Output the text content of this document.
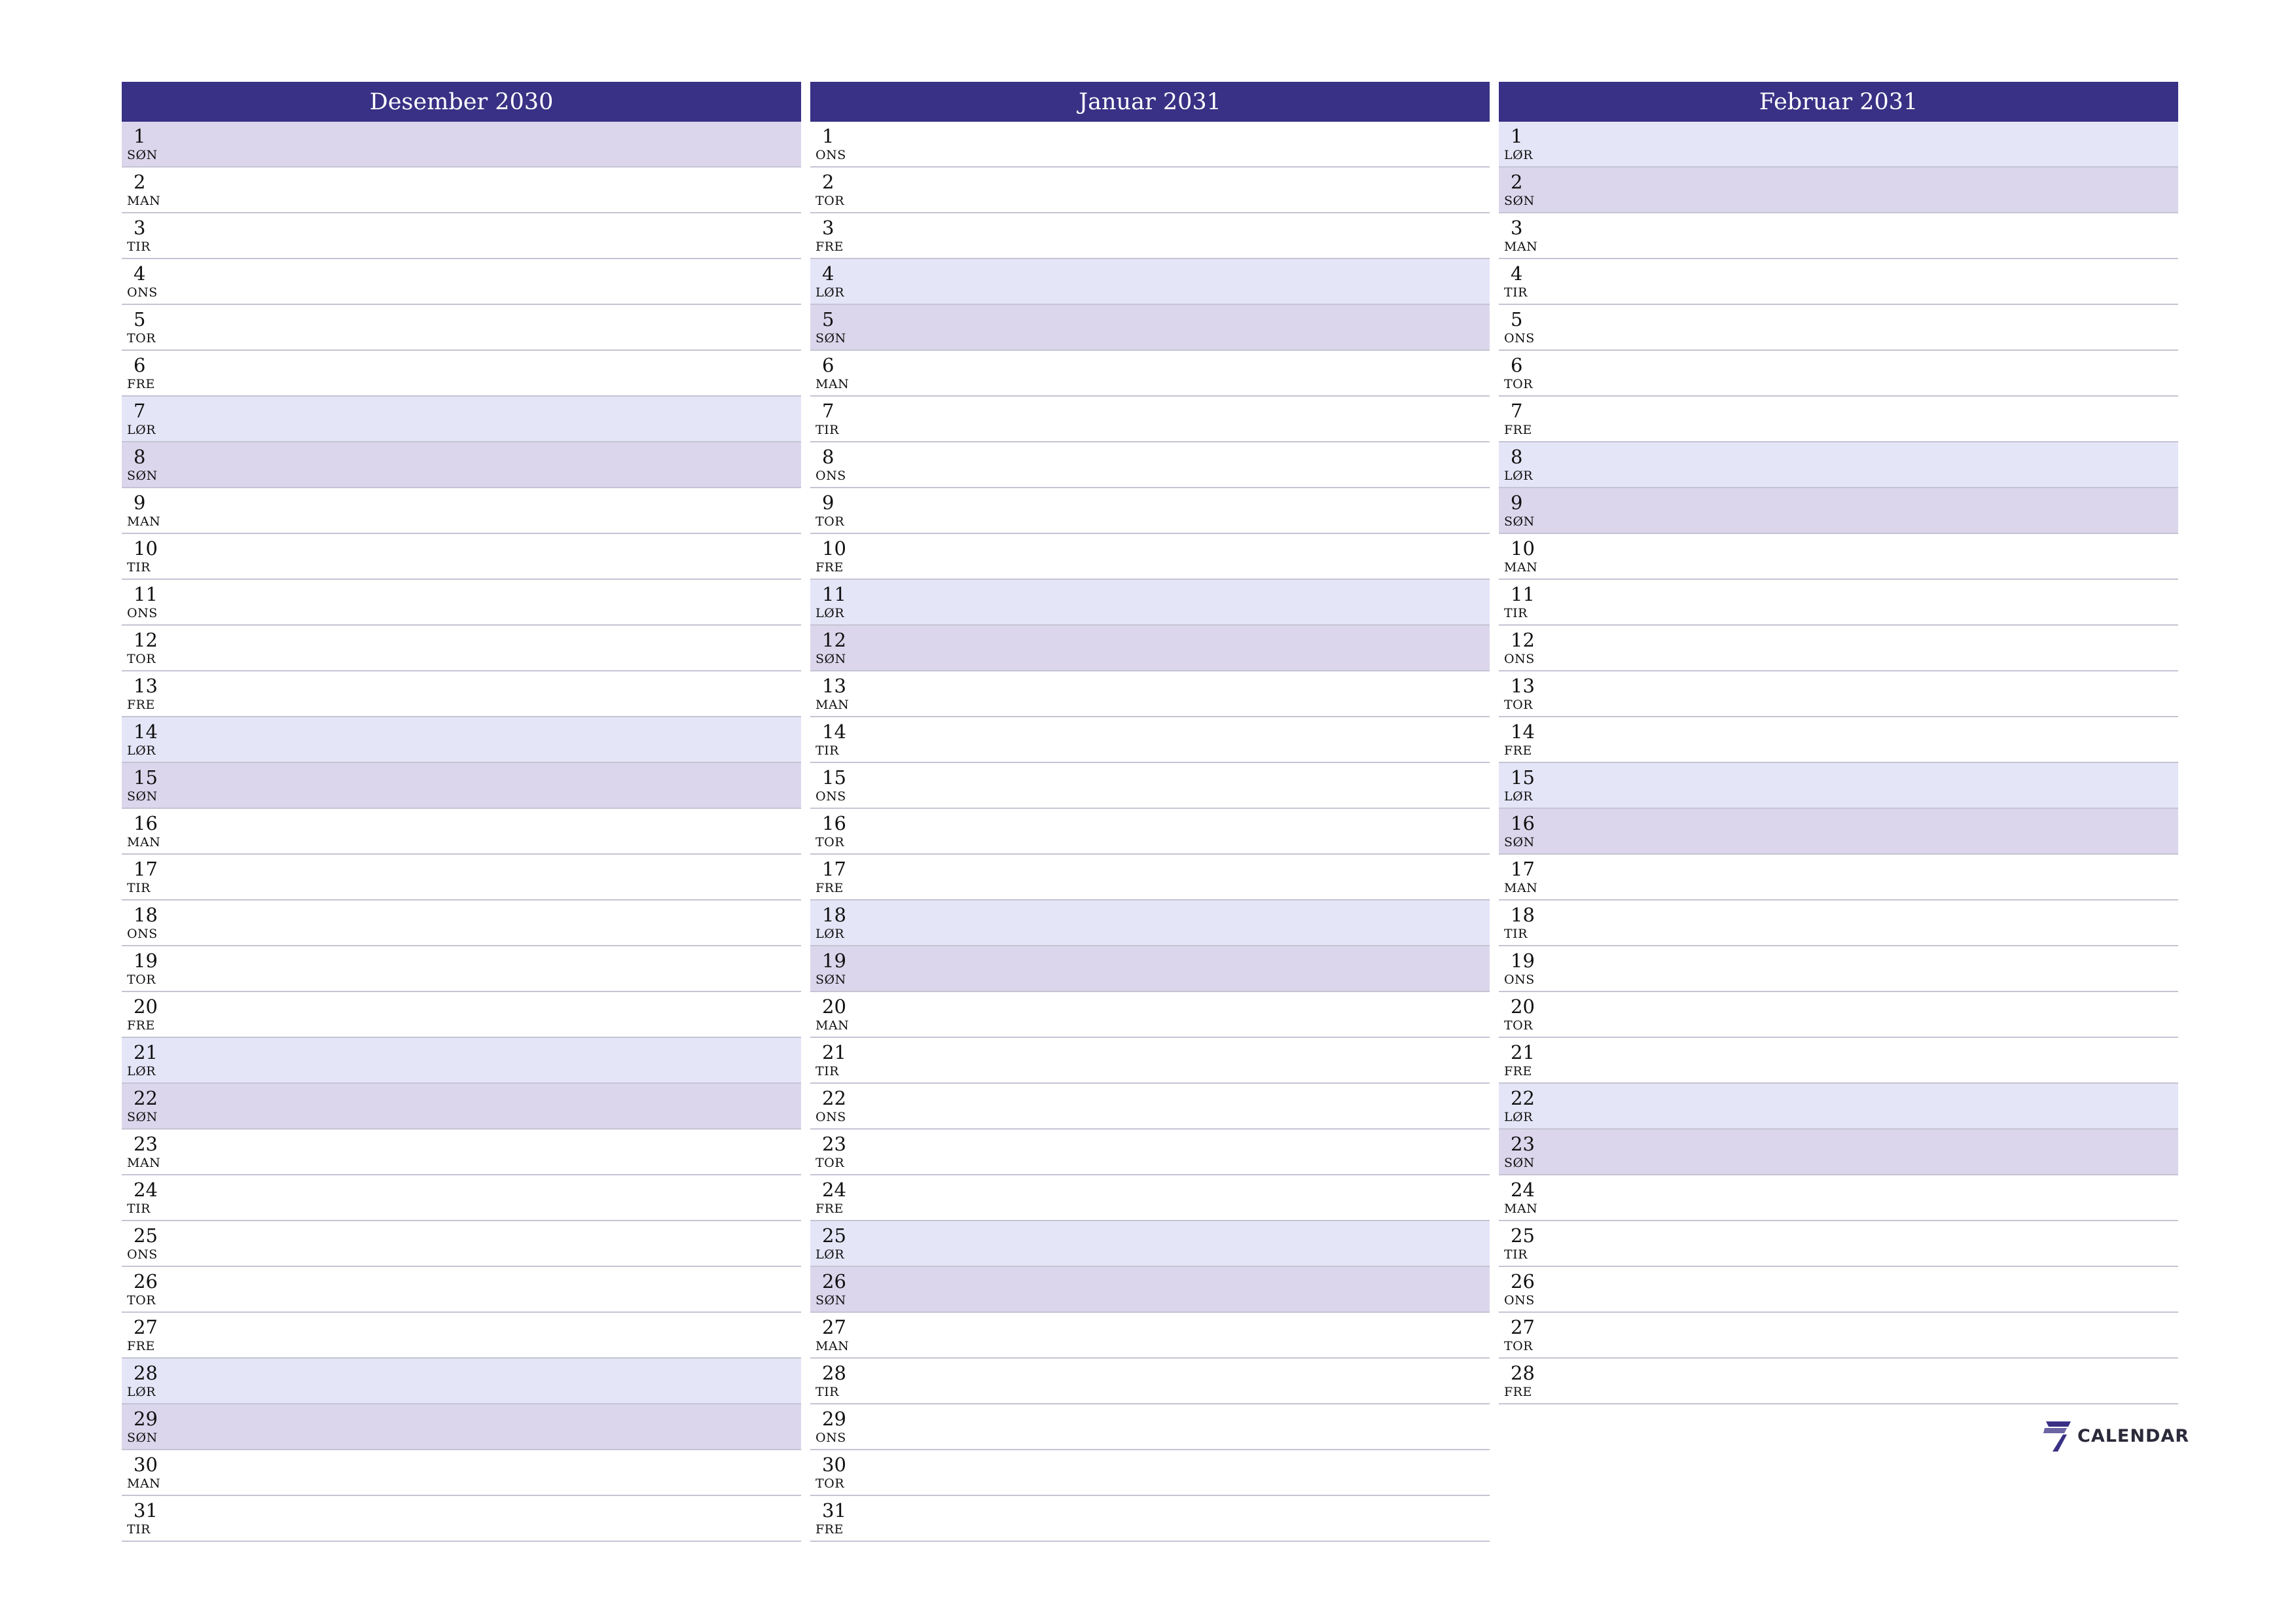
Desember 2030
1
SØN
2
MAN
3
TIR
4
ONS
5
TOR
6
FRE
7
LØR
8
SØN
9
MAN
10
TIR
11
ONS
12
TOR
13
FRE
14
LØR
15
SØN
16
MAN
17
TIR
18
ONS
19
TOR
20
FRE
21
LØR
22
SØN
23
MAN
24
TIR
25
ONS
26
TOR
27
FRE
28
LØR
29
SØN
30
MAN
31
TIR
Januar 2031
1
ONS
2
TOR
3
FRE
4
LØR
5
SØN
6
MAN
7
TIR
8
ONS
9
TOR
10
FRE
11
LØR
12
SØN
13
MAN
14
TIR
15
ONS
16
TOR
17
FRE
18
LØR
19
SØN
20
MAN
21
TIR
22
ONS
23
TOR
24
FRE
25
LØR
26
SØN
27
MAN
28
TIR
29
ONS
30
TOR
31
FRE
Februar 2031
1
LØR
2
SØN
3
MAN
4
TIR
5
ONS
6
TOR
7
FRE
8
LØR
9
SØN
10
MAN
11
TIR
12
ONS
13
TOR
14
FRE
15
LØR
16
SØN
17
MAN
18
TIR
19
ONS
20
TOR
21
FRE
22
LØR
23
SØN
24
MAN
25
TIR
26
ONS
27
TOR
28
FRE
CALENDAR
